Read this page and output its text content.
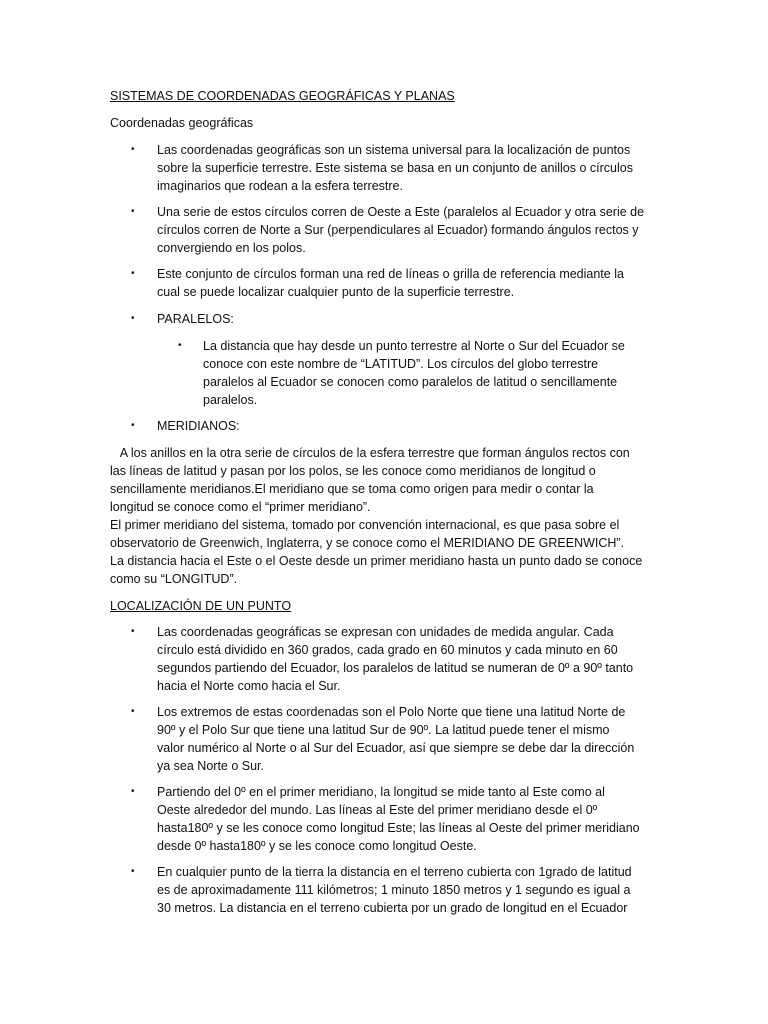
SISTEMAS DE COORDENADAS GEOGRÁFICAS Y PLANAS
Coordenadas geográficas
• Las coordenadas geográficas son un sistema universal para la localización de puntos
sobre la superficie terrestre. Este sistema se basa en un conjunto de anillos o círculos
imaginarios que rodean a la esfera terrestre.
• Una serie de estos círculos corren de Oeste a Este (paralelos al Ecuador y otra serie de
círculos corren de Norte a Sur (perpendiculares al Ecuador) formando ángulos rectos y
convergiendo en los polos.
• Este conjunto de círculos forman una red de líneas o grilla de referencia mediante la
cual se puede localizar cualquier punto de la superficie terrestre.
• PARALELOS:
• La distancia que hay desde un punto terrestre al Norte o Sur del Ecuador se
conoce con este nombre de “LATITUD”. Los círculos del globo terrestre
paralelos al Ecuador se conocen como paralelos de latitud o sencillamente
paralelos.
• MERIDIANOS:
A los anillos en la otra serie de círculos de la esfera terrestre que forman ángulos rectos con
las líneas de latitud y pasan por los polos, se les conoce como meridianos de longitud o
sencillamente meridianos.El meridiano que se toma como origen para medir o contar la
longitud se conoce como el “primer meridiano”.
El primer meridiano del sistema, tomado por convención internacional, es que pasa sobre el
observatorio de Greenwich, Inglaterra, y se conoce como el MERIDIANO DE GREENWICH”.
La distancia hacia el Este o el Oeste desde un primer meridiano hasta un punto dado se conoce
como su “LONGITUD”.
LOCALIZACIÓN DE UN PUNTO
• Las coordenadas geográficas se expresan con unidades de medida angular. Cada
círculo está dividido en 360 grados, cada grado en 60 minutos y cada minuto en 60
segundos partiendo del Ecuador, los paralelos de latitud se numeran de 0º a 90º tanto
hacia el Norte como hacia el Sur.
• Los extremos de estas coordenadas son el Polo Norte que tiene una latitud Norte de
90º y el Polo Sur que tiene una latitud Sur de 90º. La latitud puede tener el mismo
valor numérico al Norte o al Sur del Ecuador, así que siempre se debe dar la dirección
ya sea Norte o Sur.
• Partiendo del 0º en el primer meridiano, la longitud se mide tanto al Este como al
Oeste alrededor del mundo. Las líneas al Este del primer meridiano desde el 0º
hasta180º y se les conoce como longitud Este; las líneas al Oeste del primer meridiano
desde 0º hasta180º y se les conoce como longitud Oeste.
• En cualquier punto de la tierra la distancia en el terreno cubierta con 1grado de latitud
es de aproximadamente 111 kilómetros; 1 minuto 1850 metros y 1 segundo es igual a
30 metros. La distancia en el terreno cubierta por un grado de longitud en el Ecuador
